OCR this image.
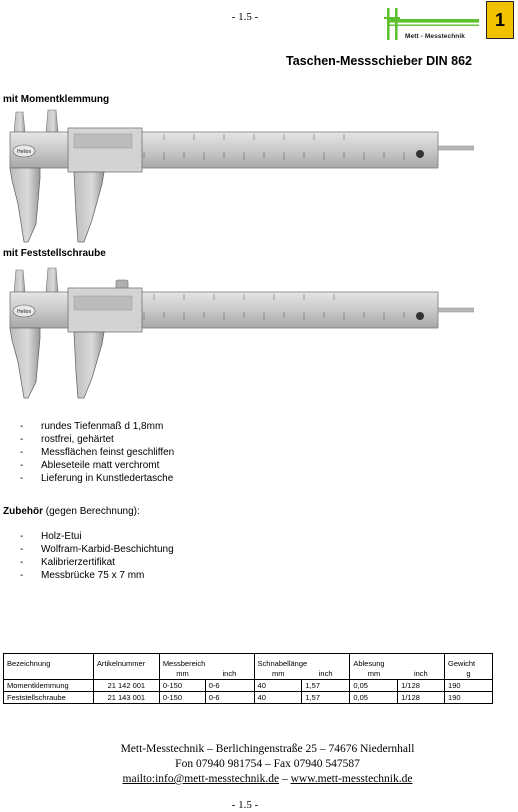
- 1.5 -
Mett - Messtechnik
1
Taschen-Messschieber DIN 862
mit Momentklemmung
Helios
mit Feststellschraube
Helios
- rundes Tiefenmaß d 1,8mm
- rostfrei, gehärtet
- Messflächen feinst geschliffen
- Ableseteile matt verchromt
- Lieferung in Kunstledertasche
Zubehör (gegen Berechnung):
- Holz-Etui
- Wolfram-Karbid-Beschichtung
- Kalibrierzertifikat
- Messbrücke 75 x 7 mm
Bezeichnung	Artikelnummer	Messbereich		Schnabellänge		Ablesung		Gewicht
		mm	inch	mm	inch	mm	inch	g
Momentklemmung	21 142 001	0-150	0-6	40	1,57	0,05	1/128	190
Feststellschraube	21 143 001	0-150	0-6	40	1,57	0,05	1/128	190
Mett-Messtechnik – Berlichingenstraße 25 – 74676 Niedernhall
Fon 07940 981754 – Fax 07940 547587
mailto:info@mett-messtechnik.de – www.mett-messtechnik.de
- 1.5 -
